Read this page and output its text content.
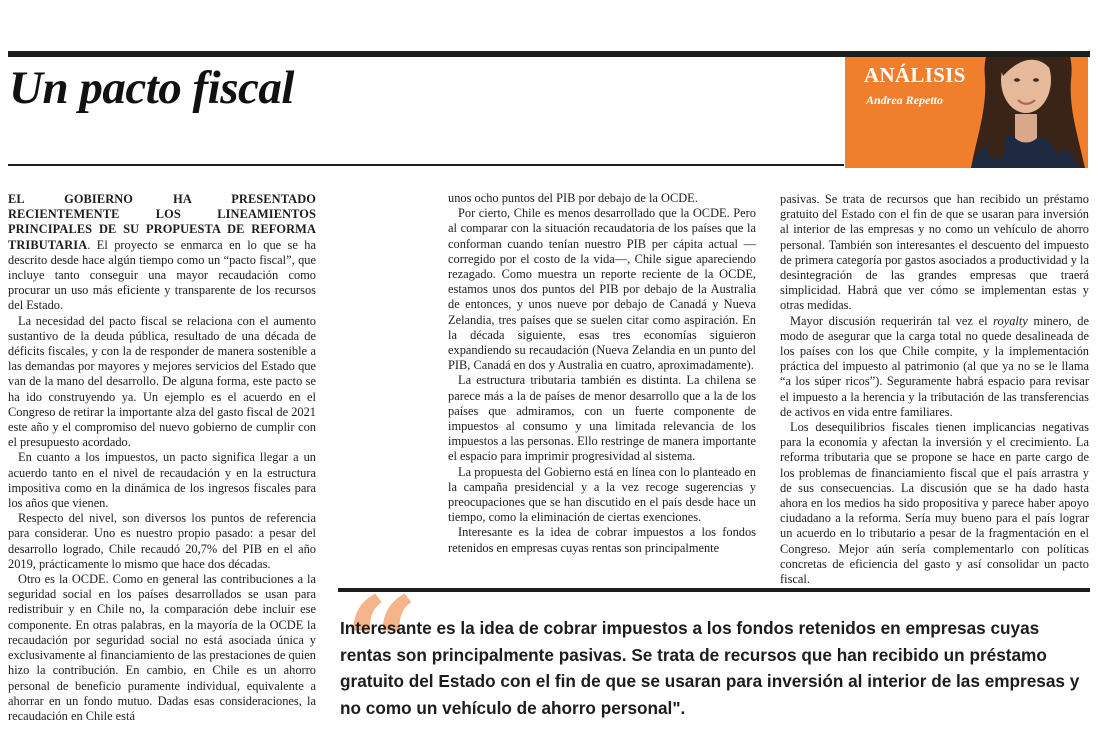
Un pacto fiscal	ANÁLISIS
Andrea Repetto

EL GOBIERNO HA PRESENTADO RECIENTEMENTE LOS LINEAMIENTOS PRINCIPALES DE SU PROPUESTA DE REFORMA TRIBUTARIA. El proyecto se enmarca en lo que se ha descrito desde hace algún tiempo como un “pacto fiscal”, que incluye tanto conseguir una mayor recaudación como procurar un uso más eficiente y transparente de los recursos del Estado.

La necesidad del pacto fiscal se relaciona con el aumento sustantivo de la deuda pública, resultado de una década de déficits fiscales, y con la de responder de manera sostenible a las demandas por mayores y mejores servicios del Estado que van de la mano del desarrollo. De alguna forma, este pacto se ha ido construyendo ya. Un ejemplo es el acuerdo en el Congreso de retirar la importante alza del gasto fiscal de 2021 este año y el compromiso del nuevo gobierno de cumplir con el presupuesto acordado.

En cuanto a los impuestos, un pacto significa llegar a un acuerdo tanto en el nivel de recaudación y en la estructura impositiva como en la dinámica de los ingresos fiscales para los años que vienen.

Respecto del nivel, son diversos los puntos de referencia para considerar. Uno es nuestro propio pasado: a pesar del desarrollo logrado, Chile recaudó 20,7% del PIB en el año 2019, prácticamente lo mismo que hace dos décadas.

Otro es la OCDE. Como en general las contribuciones a la seguridad social en los países desarrollados se usan para redistribuir y en Chile no, la comparación debe incluir ese componente. En otras palabras, en la mayoría de la OCDE la recaudación por seguridad social no está asociada única y exclusivamente al financiamiento de las prestaciones de quien hizo la contribución. En cambio, en Chile es un ahorro personal de beneficio puramente individual, equivalente a ahorrar en un fondo mutuo. Dadas esas consideraciones, la recaudación en Chile está

unos ocho puntos del PIB por debajo de la OCDE.

Por cierto, Chile es menos desarrollado que la OCDE. Pero al comparar con la situación recaudatoria de los países que la conforman cuando tenían nuestro PIB per cápita actual —corregido por el costo de la vida—, Chile sigue apareciendo rezagado. Como muestra un reporte reciente de la OCDE, estamos unos dos puntos del PIB por debajo de la Australia de entonces, y unos nueve por debajo de Canadá y Nueva Zelandia, tres países que se suelen citar como aspiración. En la década siguiente, esas tres economías siguieron expandiendo su recaudación (Nueva Zelandia en un punto del PIB, Canadá en dos y Australia en cuatro, aproximadamente).

La estructura tributaria también es distinta. La chilena se parece más a la de países de menor desarrollo que a la de los países que admiramos, con un fuerte componente de impuestos al consumo y una limitada relevancia de los impuestos a las personas. Ello restringe de manera importante el espacio para imprimir progresividad al sistema.

La propuesta del Gobierno está en línea con lo planteado en la campaña presidencial y a la vez recoge sugerencias y preocupaciones que se han discutido en el país desde hace un tiempo, como la eliminación de ciertas exenciones.

Interesante es la idea de cobrar impuestos a los fondos retenidos en empresas cuyas rentas son principalmente

pasivas. Se trata de recursos que han recibido un préstamo gratuito del Estado con el fin de que se usaran para inversión al interior de las empresas y no como un vehículo de ahorro personal. También son interesantes el descuento del impuesto de primera categoría por gastos asociados a productividad y la desintegración de las grandes empresas que traerá simplicidad. Habrá que ver cómo se implementan estas y otras medidas.

Mayor discusión requerirán tal vez el royalty minero, de modo de asegurar que la carga total no quede desalineada de los países con los que Chile compite, y la implementación práctica del impuesto al patrimonio (al que ya no se le llama “a los súper ricos”). Seguramente habrá espacio para revisar el impuesto a la herencia y la tributación de las transferencias de activos en vida entre familiares.

Los desequilibrios fiscales tienen implicancias negativas para la economía y afectan la inversión y el crecimiento. La reforma tributaria que se propone se hace en parte cargo de los problemas de financiamiento fiscal que el país arrastra y de sus consecuencias. La discusión que se ha dado hasta ahora en los medios ha sido propositiva y parece haber apoyo ciudadano a la reforma. Sería muy bueno para el país lograr un acuerdo en lo tributario a pesar de la fragmentación en el Congreso. Mejor aún sería complementarlo con políticas concretas de eficiencia del gasto y así consolidar un pacto fiscal.

“

Interesante es la idea de cobrar impuestos a los fondos retenidos en empresas cuyas rentas son principalmente pasivas. Se trata de recursos que han recibido un préstamo gratuito del Estado con el fin de que se usaran para inversión al interior de las empresas y no como un vehículo de ahorro personal".
